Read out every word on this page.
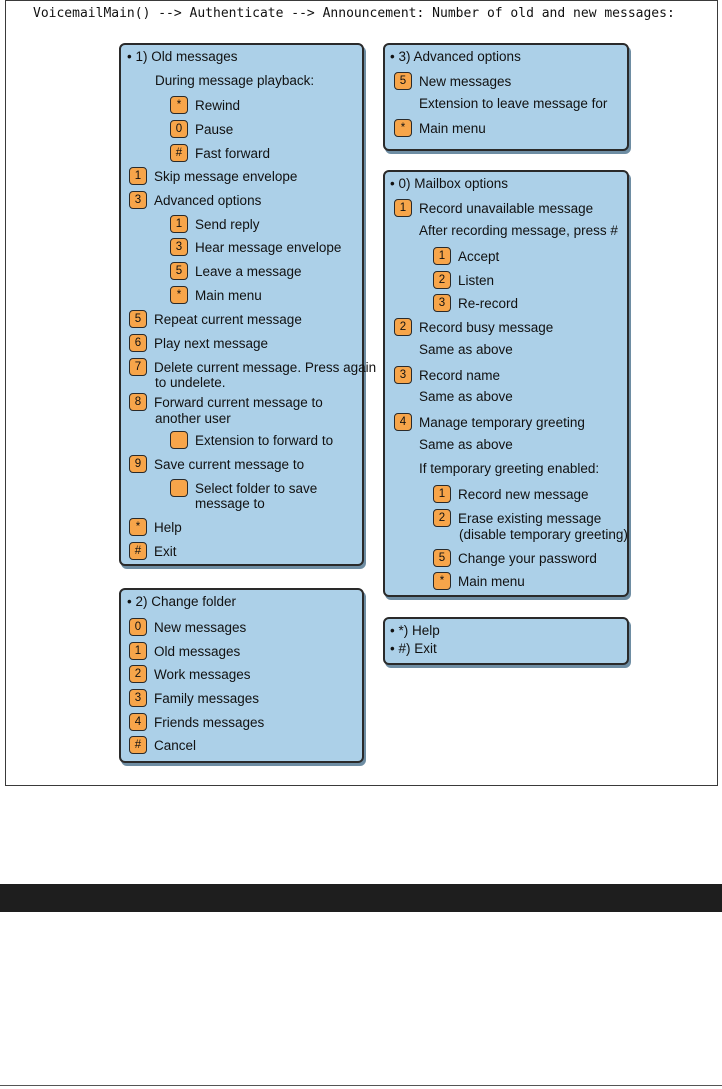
VoicemailMain() --> Authenticate --> Announcement: Number of old and new messages:
• 1) Old messages
During message playback:
*	Rewind
0 Pause
# Fast forward
1 Skip message envelope
3 Advanced options
1 Send reply
3 Hear message envelope
5 Leave a message
*	Main menu
5 Repeat current message
6 Play next message
7 Delete current message. Press again
to undelete.
8 Forward current message to
another user
Extension to forward to
9 Save current message to
Select folder to save
message to
*	Help
# Exit
• 2) Change folder
0 New messages
1 Old messages
2 Work messages
3 Family messages
4 Friends messages
# Cancel
• 3) Advanced options
5 New messages
Extension to leave message for
*	Main menu
• 0) Mailbox options
1 Record unavailable message
After recording message, press #
1 Accept
2 Listen
3 Re-record
2 Record busy message
Same as above
3 Record name
Same as above
4 Manage temporary greeting
Same as above
If temporary greeting enabled:
1 Record new message
2 Erase existing message
(disable temporary greeting)
5 Change your password
*	Main menu
• *) Help
• #) Exit
